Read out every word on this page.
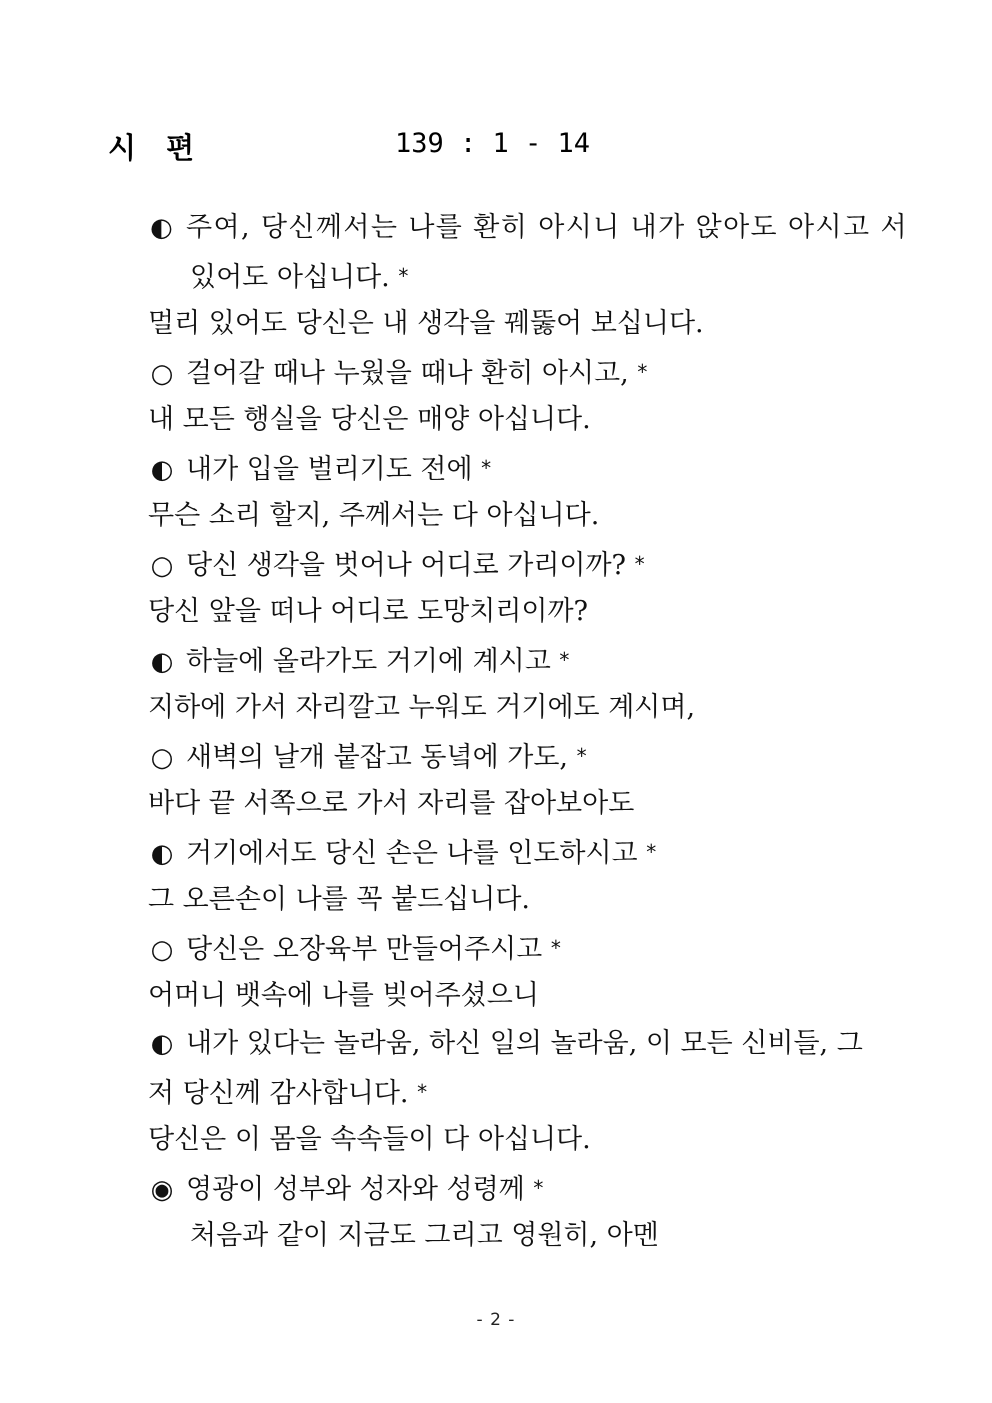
시 편	139 : 1 - 14
◐ 주여, 당신께서는 나를 환히 아시니 내가 앉아도 아시고 서
있어도 아십니다. *
멀리 있어도 당신은 내 생각을 꿰뚫어 보십니다.
○ 걸어갈 때나 누웠을 때나 환히 아시고, *
내 모든 행실을 당신은 매양 아십니다.
◐ 내가 입을 벌리기도 전에 *
무슨 소리 할지, 주께서는 다 아십니다.
○ 당신 생각을 벗어나 어디로 가리이까? *
당신 앞을 떠나 어디로 도망치리이까?
◐ 하늘에 올라가도 거기에 계시고 *
지하에 가서 자리깔고 누워도 거기에도 계시며,
○ 새벽의 날개 붙잡고 동녘에 가도, *
바다 끝 서쪽으로 가서 자리를 잡아보아도
◐ 거기에서도 당신 손은 나를 인도하시고 *
그 오른손이 나를 꼭 붙드십니다.
○ 당신은 오장육부 만들어주시고 *
어머니 뱃속에 나를 빚어주셨으니
◐ 내가 있다는 놀라움, 하신 일의 놀라움, 이 모든 신비들, 그
저 당신께 감사합니다. *
당신은 이 몸을 속속들이 다 아십니다.
◉ 영광이 성부와 성자와 성령께 *
처음과 같이 지금도 그리고 영원히, 아멘
- 2 -
